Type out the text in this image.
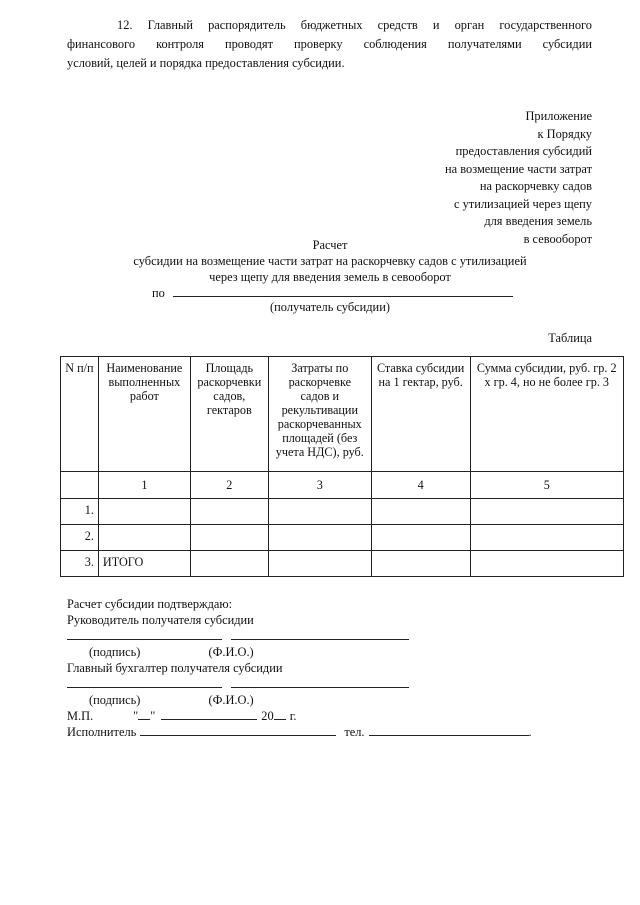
12. Главный распорядитель бюджетных средств и орган государственного
финансового контроля проводят проверку соблюдения получателями субсидии
условий, целей и порядка предоставления субсидии.

Приложение
к Порядку
предоставления субсидий
на возмещение части затрат
на раскорчевку садов
с утилизацией через щепу
для введения земель
в севооборот

Расчет
субсидии на возмещение части затрат на раскорчевку садов с утилизацией
через щепу для введения земель в севооборот

по
(получатель субсидии)
Таблица
N п/п	Наименование выполненных работ	Площадь раскорчевки садов, гектаров	Затраты по раскорчевке садов и рекультивации раскорчеванных площадей (без учета НДС), руб.	Ставка субсидии на 1 гектар, руб.	Сумма субсидии, руб. гр. 2 x гр. 4, но не более гр. 3
	1	2	3	4	5
1.					
2.					
3.	ИТОГО				
Расчет субсидии подтверждаю:
Руководитель получателя субсидии
(подпись)	(Ф.И.О.)
Главный бухгалтер получателя субсидии
(подпись)	(Ф.И.О.)
М.П.	" "	20 г.
Исполнитель	тел.	.
